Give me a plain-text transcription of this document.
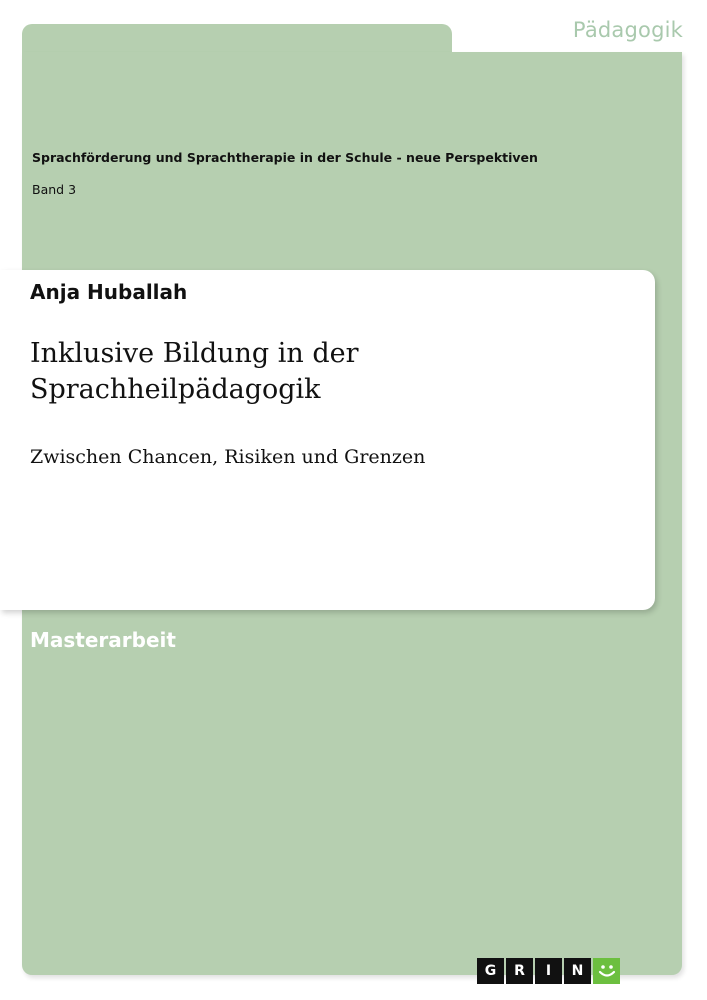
Pädagogik
Sprachförderung und Sprachtherapie in der Schule - neue Perspektiven
Band 3
Anja Huballah
Inklusive Bildung in der Sprachheilpädagogik
Zwischen Chancen, Risiken und Grenzen
Masterarbeit
G	R	I	N
